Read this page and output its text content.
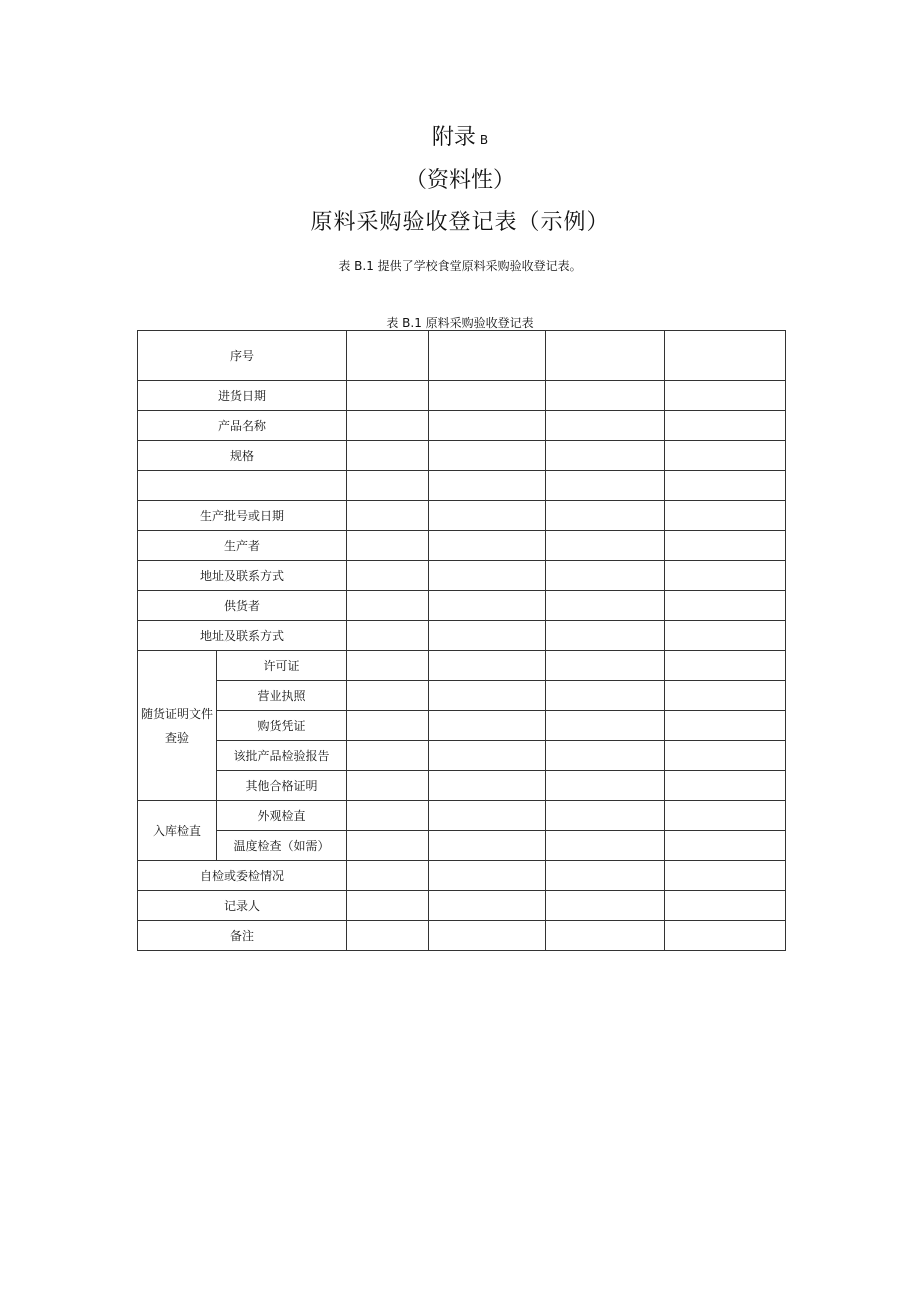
附录 B
（资料性）
原料采购验收登记表（示例）
表 B.1 提供了学校食堂原料采购验收登记表。
表 B.1 原料采购验收登记表
序号					
进货日期					
产品名称					
规格					

生产批号或日期					
生产者					
地址及联系方式					
供货者					
地址及联系方式					
随货证明文件查验	许可证				
	营业执照				
	购货凭证				
	该批产品检验报告				
	其他合格证明				
入库检直	外观检直				
	温度检查（如需）				
自检或委检情况					
记录人					
备注					
